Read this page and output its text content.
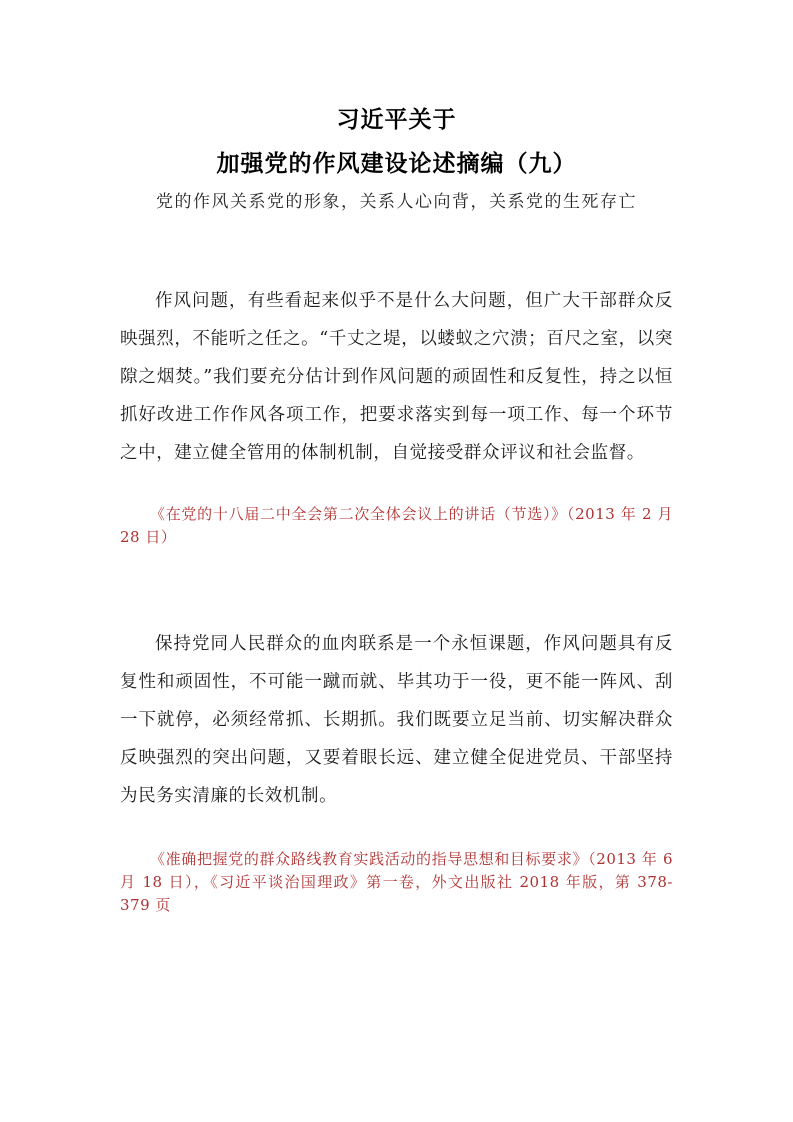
习近平关于
加强党的作风建设论述摘编（九）

党的作风关系党的形象，关系人心向背，关系党的生死存亡

作风问题，有些看起来似乎不是什么大问题，但广大干部群众反映强烈，不能听之任之。“千丈之堤，以蝼蚁之穴溃；百尺之室，以突隙之烟焚。”我们要充分估计到作风问题的顽固性和反复性，持之以恒抓好改进工作作风各项工作，把要求落实到每一项工作、每一个环节之中，建立健全管用的体制机制，自觉接受群众评议和社会监督。

《在党的十八届二中全会第二次全体会议上的讲话（节选）》（2013 年 2 月 28 日）

保持党同人民群众的血肉联系是一个永恒课题，作风问题具有反复性和顽固性，不可能一蹴而就、毕其功于一役，更不能一阵风、刮一下就停，必须经常抓、长期抓。我们既要立足当前、切实解决群众反映强烈的突出问题，又要着眼长远、建立健全促进党员、干部坚持为民务实清廉的长效机制。

《准确把握党的群众路线教育实践活动的指导思想和目标要求》（2013 年 6 月 18 日），《习近平谈治国理政》第一卷，外文出版社 2018 年版，第 378-379 页
